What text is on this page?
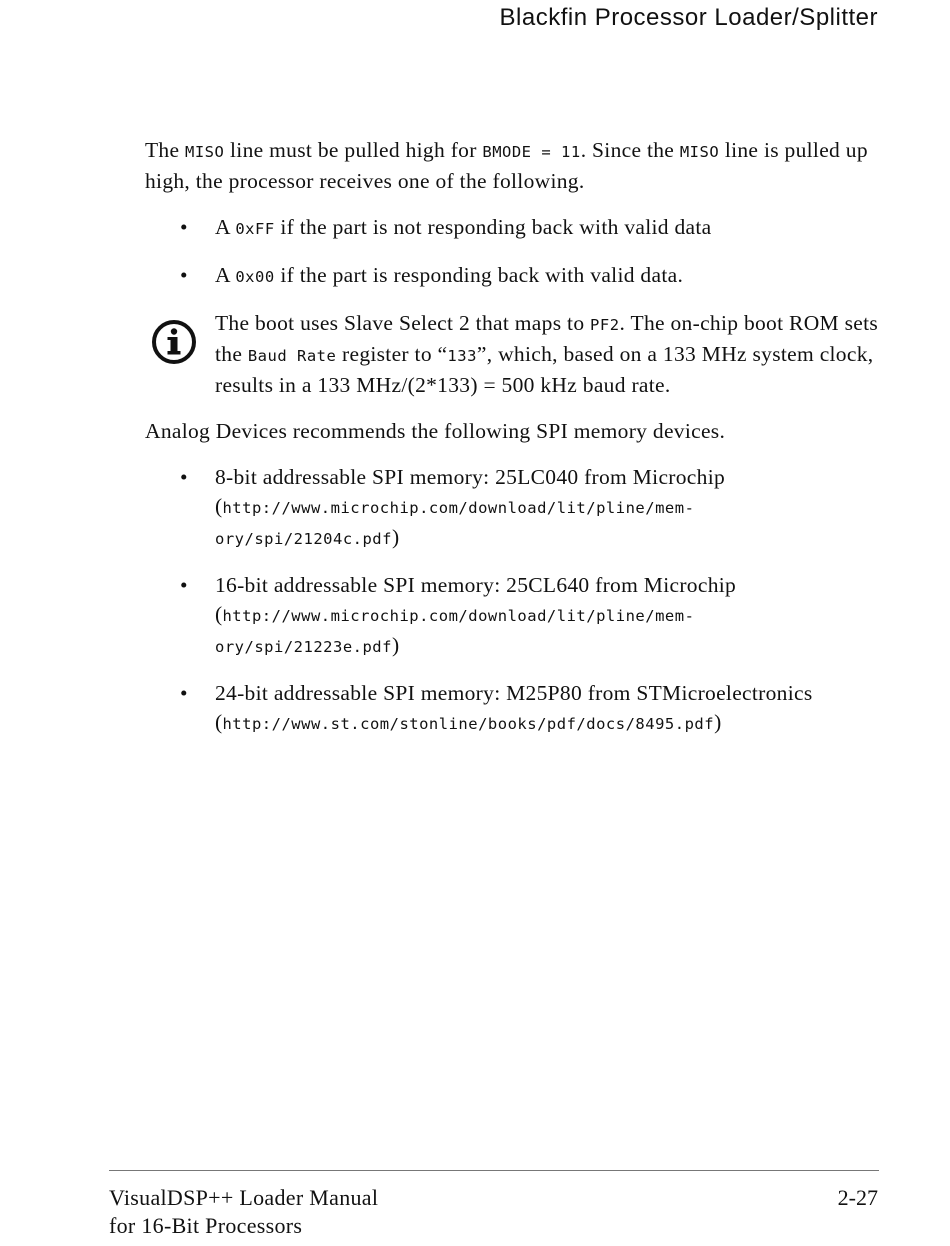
Blackfin Processor Loader/Splitter

The MISO line must be pulled high for BMODE = 11. Since the MISO line is pulled up high, the processor receives one of the following.

• A 0xFF if the part is not responding back with valid data
• A 0x00 if the part is responding back with valid data.
The boot uses Slave Select 2 that maps to PF2. The on-chip boot ROM sets the Baud Rate register to “133”, which, based on a 133 MHz system clock, results in a 133 MHz/(2*133) = 500 kHz baud rate.

Analog Devices recommends the following SPI memory devices.

• 8-bit addressable SPI memory: 25LC040 from Microchip
(http://www.microchip.com/download/lit/pline/mem-
ory/spi/21204c.pdf)
• 16-bit addressable SPI memory: 25CL640 from Microchip
(http://www.microchip.com/download/lit/pline/mem-
ory/spi/21223e.pdf)
• 24-bit addressable SPI memory: M25P80 from STMicroelectronics
(http://www.st.com/stonline/books/pdf/docs/8495.pdf)
VisualDSP++ Loader Manual
for 16-Bit Processors
2-27
